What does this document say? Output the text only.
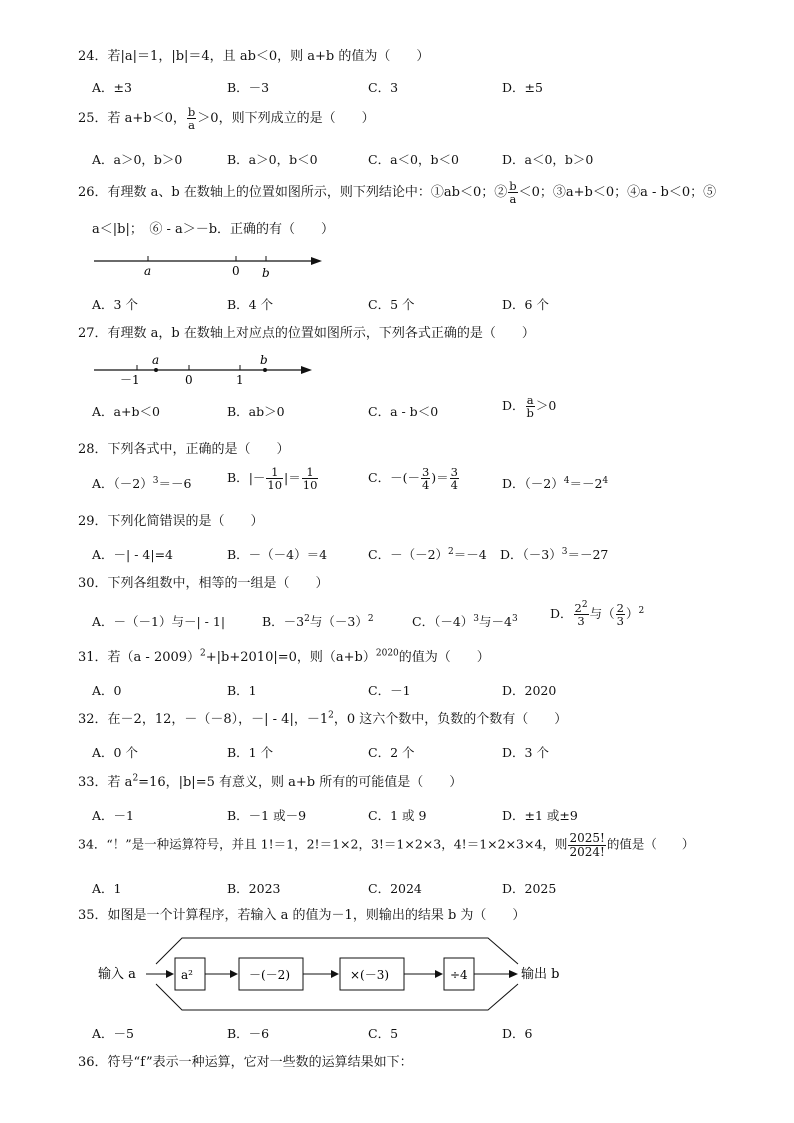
24．若|a|＝1，|b|＝4，且 ab＜0，则 a+b 的值为（　　）
A．±3	B．－3	C．3	D．±5
25．若 a+b＜0， $\frac{b}{a} >0$，则下列成立的是（　　）
A．a＞0，b＞0	B．a＞0，b＜0	C．a＜0，b＜0	D．a＜0，b＞0
26．有理数 a、b 在数轴上的位置如图所示，则下列结论中：①ab＜0；② $\frac{b}{a} <0$；③a+b＜0；④a - b＜0；⑤
a＜|b|；　⑥ - a＞－b．正确的有（　　）
a	0 b
A．3 个	B．4 个	C．5 个	D．6 个
27．有理数 a，b 在数轴上对应点的位置如图所示，下列各式正确的是（　　）
－1
a
0	1
b
A．a+b＜0	B．ab＞0	C．a - b＜0	D． $\frac{a}{b} >0$
28．下列各式中，正确的是（　　）
A．$(-2)^3=-6$	B．|－ $\frac{1}{10}$ |＝ $\frac{1}{10}$	C．－(－ $\frac{3}{4}$ )＝ $\frac{3}{4}$	D．$(-2)^4=-2^4$
29．下列化简错误的是（　　）
A．－| - 4|=4	B．－（－4）＝4	C．$-(-2)^2=-4$ D．$(-3)^3=-27$
30．下列各组数中，相等的一组是（　　）
A．－（－1）与－| - 1|	B．$-3^2$与$(-3)^2$	C．$(-4)^3$与$-4^3$	D． $\frac{2^2}{3}$ 与（ $\frac{2}{3} )^2$
31．若（a - 2009）$^2$+|b+2010|=0，则$(a+b)^{2020}$的值为（　　）
A．0	B．1	C．－1	D．2020
32．在－2，12，－（－8），－| - 4|，$-1^2$，0 这六个数中，负数的个数有（　　）
A．0 个	B．1 个	C．2 个	D．3 个
33．若 $a^2=16$，|b|=5 有意义，则 a+b 所有的可能值是（　　）
A．－1	B．－1 或－9	C．1 或 9	D．±1 或±9
34．“！”是一种运算符号，并且 1!＝1，2!＝1×2，3!＝1×2×3，4!＝1×2×3×4，则 $\frac{2025!}{2024!}$ 的值是（　　）
A．1	B．2023	C．2024	D．2025
35．如图是一个计算程序，若输入 a 的值为－1，则输出的结果 b 为（　　）
输入 a	a²	－(－2)	×(－3)	÷4	输出 b
A．－5	B．－6	C．5	D．6
36．符号“f”表示一种运算，它对一些数的运算结果如下：
